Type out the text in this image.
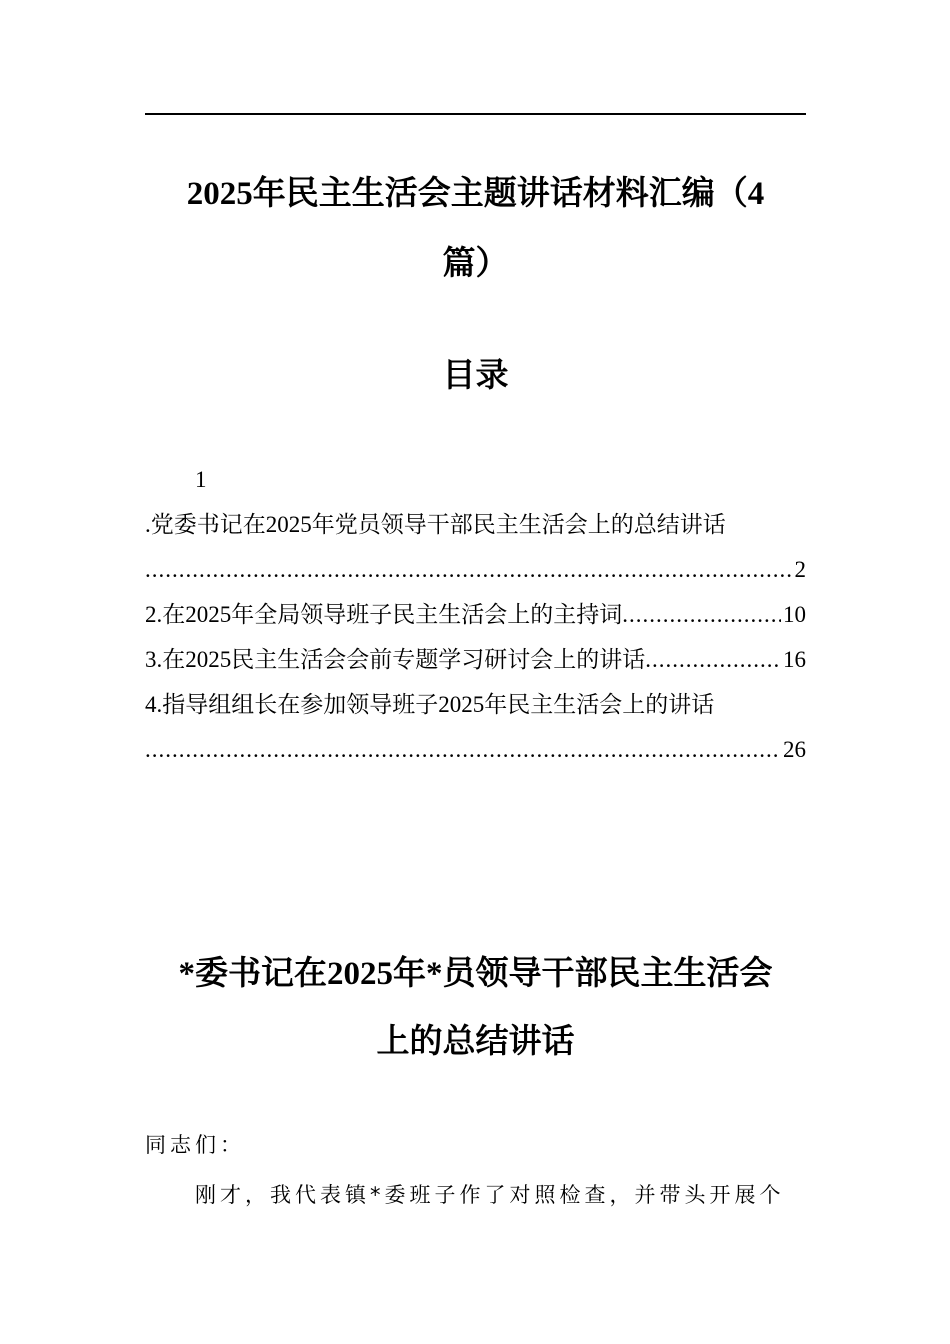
2025年民主生活会主题讲话材料汇编（4
篇）
目录
1
.党委书记在2025年党员领导干部民主生活会上的总结讲话
.....
2
2.在2025年全局领导班子民主生活会上的主持词 .....	10
3.在2025民主生活会会前专题学习研讨会上的讲话 .....	16
4.指导组组长在参加领导班子2025年民主生活会上的讲话
.....
26
*委书记在2025年*员领导干部民主生活会
上的总结讲话
同志们：
刚才，我代表镇*委班子作了对照检查，并带头开展个
